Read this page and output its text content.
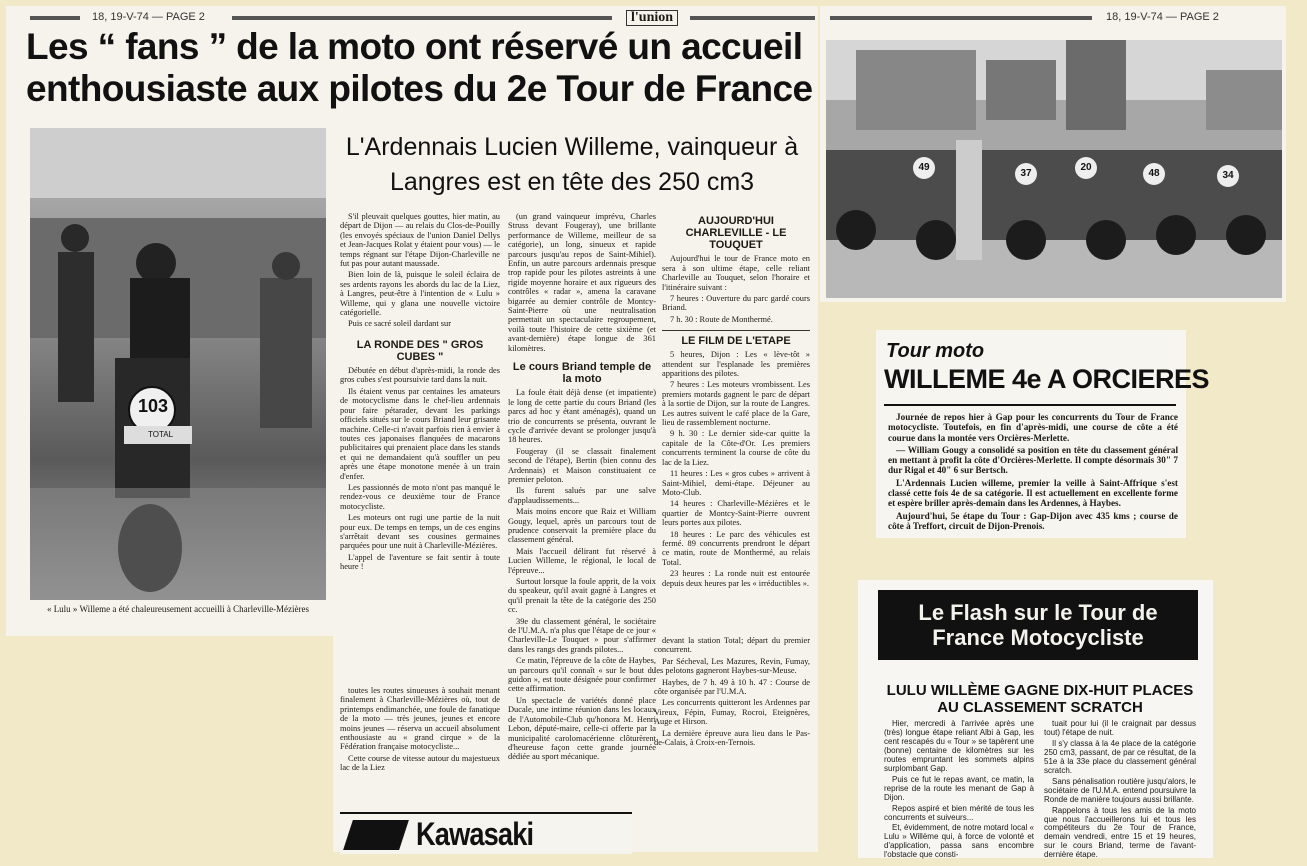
18, 19-V-74 — PAGE 2	l'union
Les “ fans ” de la moto ont réservé un accueil enthousiaste aux pilotes du 2e Tour de France
103
TOTAL
« Lulu » Willeme a été chaleureusement accueilli à Charleville-Mézières
L'Ardennais Lucien Willeme, vainqueur à Langres est en tête des 250 cm3

S'il pleuvait quelques gouttes, hier matin, au départ de Dijon — au relais du Clos-de-Pouilly (les envoyés spéciaux de l'union Daniel Dellys et Jean-Jacques Rolat y étaient pour vous) — le temps régnant sur l'étape Dijon-Charleville ne fut pas pour autant maussade.

Bien loin de là, puisque le soleil éclaira de ses ardents rayons les abords du lac de la Liez, à Langres, peut-être à l'intention de « Lulu » Willeme, qui y glana une nouvelle victoire catégorielle.

Puis ce sacré soleil dardant sur

LA RONDE DES " GROS CUBES "

Débutée en début d'après-midi, la ronde des gros cubes s'est poursuivie tard dans la nuit.

Ils étaient venus par centaines les amateurs de motocyclisme dans le chef-lieu ardennais pour faire pétarader, devant les parkings officiels situés sur le cours Briand leur grisante machine. Celle-ci n'avait parfois rien à envier à toutes ces japonaises flanquées de macarons publicitaires qui prenaient place dans les stands et qui ne demandaient qu'à souffler un peu après une étape monotone menée à un train d'enfer.

Les passionnés de moto n'ont pas manqué le rendez-vous ce deuxième tour de France motocycliste.

Les moteurs ont rugi une partie de la nuit pour eux. De temps en temps, un de ces engins s'arrêtait devant ses cousines germaines parquées pour une nuit à Charleville-Mézières.

L'appel de l'aventure se fait sentir à toute heure !

toutes les routes sinueuses à souhait menant finalement à Charleville-Mézières où, tout de printemps endimanchée, une foule de fanatique de la moto — très jeunes, jeunes et encore moins jeunes — réserva un accueil absolument enthousiaste au « grand cirque » de la Fédération française motocycliste...

Cette course de vitesse autour du majestueux lac de la Liez

(un grand vainqueur imprévu, Charles Struss devant Fougeray), une brillante performance de Willeme, meilleur de sa catégorie), un long, sinueux et rapide parcours jusqu'au repos de Saint-Mihiel). Enfin, un autre parcours ardennais presque trop rapide pour les pilotes astreints à une rigide moyenne horaire et aux rigueurs des contrôles « radar », amena la caravane bigarrée au dernier contrôle de Montcy-Saint-Pierre où une neutralisation permettait un spectaculaire regroupement, voilà toute l'histoire de cette sixième (et avant-dernière) étape longue de 361 kilomètres.

Le cours Briand temple de la moto

La foule était déjà dense (et impatiente) le long de cette partie du cours Briand (les parcs ad hoc y étant aménagés), quand un trio de concurrents se présenta, ouvrant le cycle d'arrivée devant se prolonger jusqu'à 18 heures.

Fougeray (il se classait finalement second de l'étape), Bertin (bien connu des Ardennais) et Maison constituaient ce premier peloton.

Ils furent salués par une salve d'applaudissements...

Mais moins encore que Raiz et William Gougy, lequel, après un parcours tout de prudence conservait la première place du classement général.

Mais l'accueil délirant fut réservé à Lucien Willeme, le régional, le local de l'épreuve...

Surtout lorsque la foule apprit, de la voix du speakeur, qu'il avait gagné à Langres et qu'il prenait la tête de la catégorie des 250 cc.

39e du classement général, le sociétaire de l'U.M.A. n'a plus que l'étape de ce jour « Charleville-Le Touquet » pour s'affirmer dans les rangs des grands pilotes...

Ce matin, l'épreuve de la côte de Haybes, un parcours qu'il connaît « sur le bout du guidon », est toute désignée pour confirmer cette affirmation.

Un spectacle de variétés donné place Ducale, une intime réunion dans les locaux de l'Automobile-Club qu'honora M. Henri Lebon, député-maire, celle-ci offerte par la municipalité carolomacérienne clôturèrent d'heureuse façon cette grande journée dédiée au sport mécanique.

Kawasaki
AUJOURD'HUI CHARLEVILLE - LE TOUQUET

Aujourd'hui le tour de France moto en sera à son ultime étape, celle reliant Charleville au Touquet, selon l'horaire et l'itinéraire suivant :

7 heures : Ouverture du parc gardé cours Briand.

7 h. 30 : Route de Monthermé.

LE FILM DE L'ETAPE

5 heures, Dijon : Les « lève-tôt » attendent sur l'esplanade les premières apparitions des pilotes.

7 heures : Les moteurs vrombissent. Les premiers motards gagnent le parc de départ à la sortie de Dijon, sur la route de Langres. Les autres suivent le café place de la Gare, lieu de rassemblement nocturne.

9 h. 30 : Le dernier side-car quitte la capitale de la Côte-d'Or. Les premiers concurrents terminent la course de côte du lac de la Liez.

11 heures : Les « gros cubes » arrivent à Saint-Mihiel, demi-étape. Déjeuner au Moto-Club.

14 heures : Charleville-Mézières et le quartier de Montcy-Saint-Pierre ouvrent leurs portes aux pilotes.

18 heures : Le parc des véhicules est fermé. 89 concurrents prendront le départ ce matin, route de Monthermé, au relais Total.

23 heures : La ronde nuit est entourée depuis deux heures par les « irréductibles ».

devant la station Total; départ du premier concurrent.

Par Sécheval, Les Mazures, Revin, Fumay, les pelotons gagneront Haybes-sur-Meuse.

Haybes, de 7 h. 49 à 10 h. 47 : Course de côte organisée par l'U.M.A.

Les concurrents quitteront les Ardennes par Vireux, Fépin, Fumay, Rocroi, Eteignères, Auge et Hirson.

La dernière épreuve aura lieu dans le Pas-de-Calais, à Croix-en-Ternois.

18, 19-V-74 — PAGE 2
49
37
20
48	34
Tour moto
WILLEME 4e A ORCIERES

Journée de repos hier à Gap pour les concurrents du Tour de France motocycliste. Toutefois, en fin d'après-midi, une course de côte a été courue dans la montée vers Orcières-Merlette.

— William Gougy a consolidé sa position en tête du classement général en mettant à profit la côte d'Orcières-Merlette. Il compte désormais 30" 7 dur Rigal et 40" 6 sur Bertsch.

L'Ardennais Lucien willeme, premier la veille à Saint-Affrique s'est classé cette fois 4e de sa catégorie. Il est actuellement en excellente forme et espère briller après-demain dans les Ardennes, à Haybes.

Aujourd'hui, 5e étape du Tour : Gap-Dijon avec 435 kms ; course de côte à Treffort, circuit de Dijon-Prenois.

Le Flash sur le Tour de France Motocycliste
LULU WILLÈME GAGNE DIX-HUIT PLACES AU CLASSEMENT SCRATCH

Hier, mercredi à l'arrivée après une (très) longue étape reliant Albi à Gap, les cent rescapés du « Tour » se tapèrent une (bonne) centaine de kilomètres sur les routes empruntant les sommets alpins surplombant Gap.

Puis ce fut le repas avant, ce matin, la reprise de la route les menant de Gap à Dijon.

Repos aspiré et bien mérité de tous les concurrents et suiveurs...

Et, évidemment, de notre motard local « Lulu » Willème qui, à force de volonté et d'application, passa sans encombre l'obstacle que consti-

tuait pour lui (il le craignait par dessus tout) l'étape de nuit.

Il s'y classa à la 4e place de la catégorie 250 cm3, passant, de par ce résultat, de la 51e à la 33e place du classement général scratch.

Sans pénalisation routière jusqu'alors, le sociétaire de l'U.M.A. entend poursuivre la Ronde de manière toujours aussi brillante.

Rappelons à tous les amis de la moto que nous l'accueillerons lui et tous les compétiteurs du 2e Tour de France, demain vendredi, entre 15 et 19 heures, sur le cours Briand, terme de l'avant-dernière étape.
